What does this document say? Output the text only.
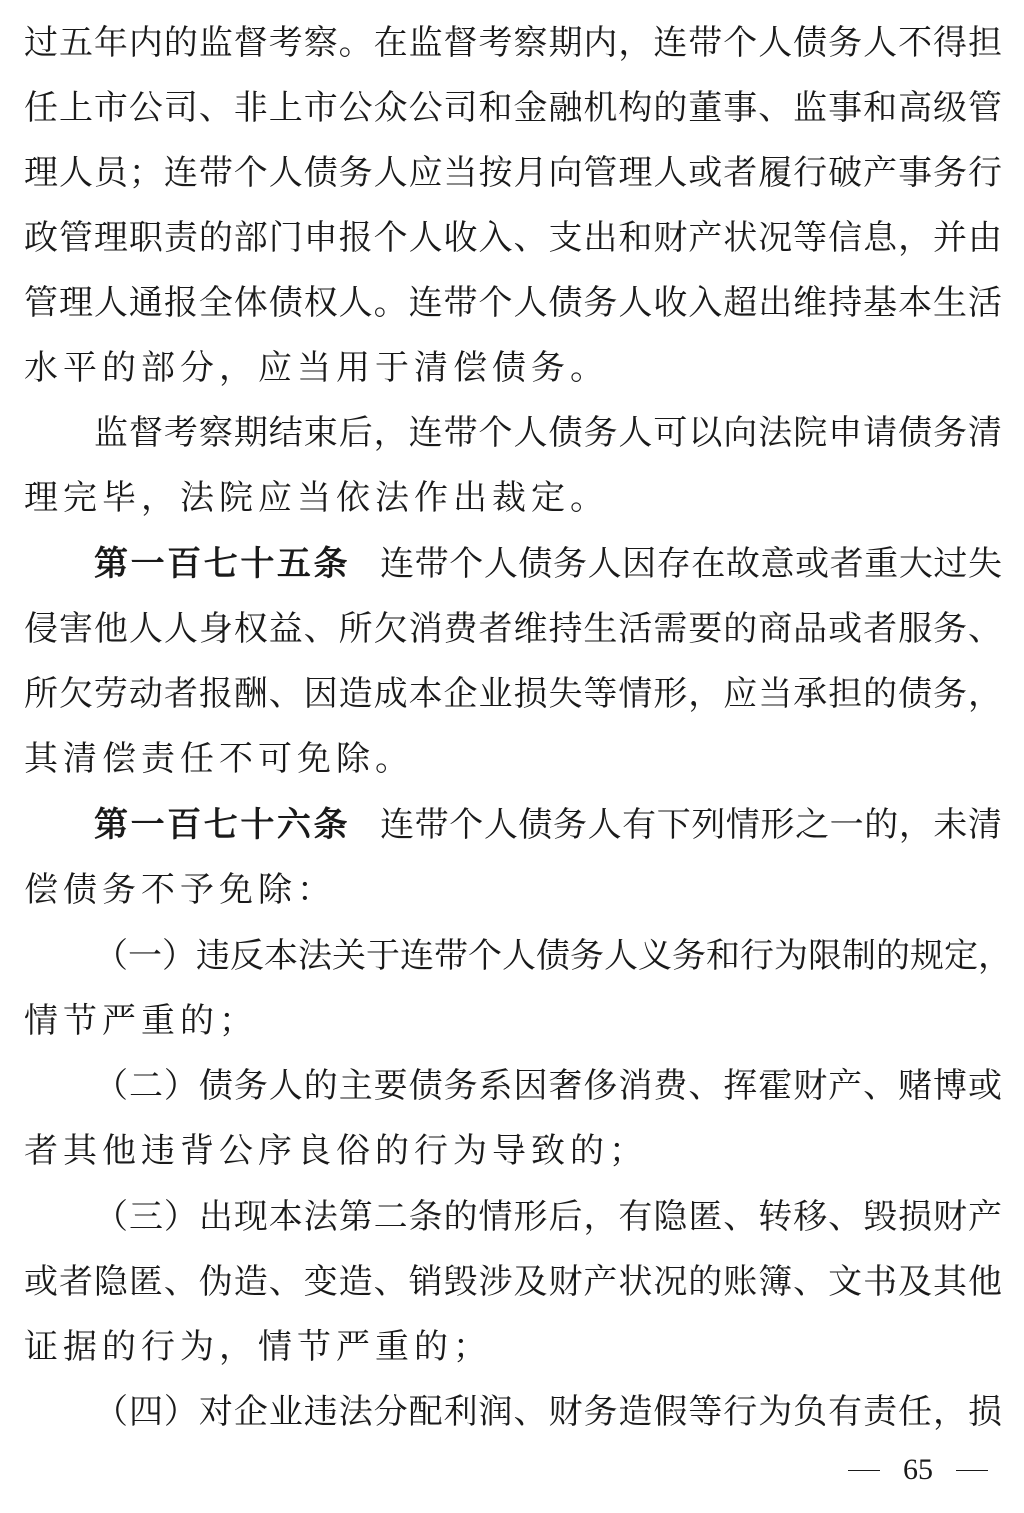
过五年内的监督考察。在监督考察期内，连带个人债务人不得担
任上市公司、非上市公众公司和金融机构的董事、监事和高级管
理人员；连带个人债务人应当按月向管理人或者履行破产事务行
政管理职责的部门申报个人收入、支出和财产状况等信息，并由
管理人通报全体债权人。连带个人债务人收入超出维持基本生活
水平的部分，应当用于清偿债务。
监督考察期结束后，连带个人债务人可以向法院申请债务清
理完毕，法院应当依法作出裁定。
第一百七十五条 连带个人债务人因存在故意或者重大过失
侵害他人人身权益、所欠消费者维持生活需要的商品或者服务、
所欠劳动者报酬、因造成本企业损失等情形，应当承担的债务，
其清偿责任不可免除。
第一百七十六条 连带个人债务人有下列情形之一的，未清
偿债务不予免除：
（一）违反本法关于连带个人债务人义务和行为限制的规定，
情节严重的；
（二）债务人的主要债务系因奢侈消费、挥霍财产、赌博或
者其他违背公序良俗的行为导致的；
（三）出现本法第二条的情形后，有隐匿、转移、毁损财产
或者隐匿、伪造、变造、销毁涉及财产状况的账簿、文书及其他
证据的行为，情节严重的；
（四）对企业违法分配利润、财务造假等行为负有责任，损
65
